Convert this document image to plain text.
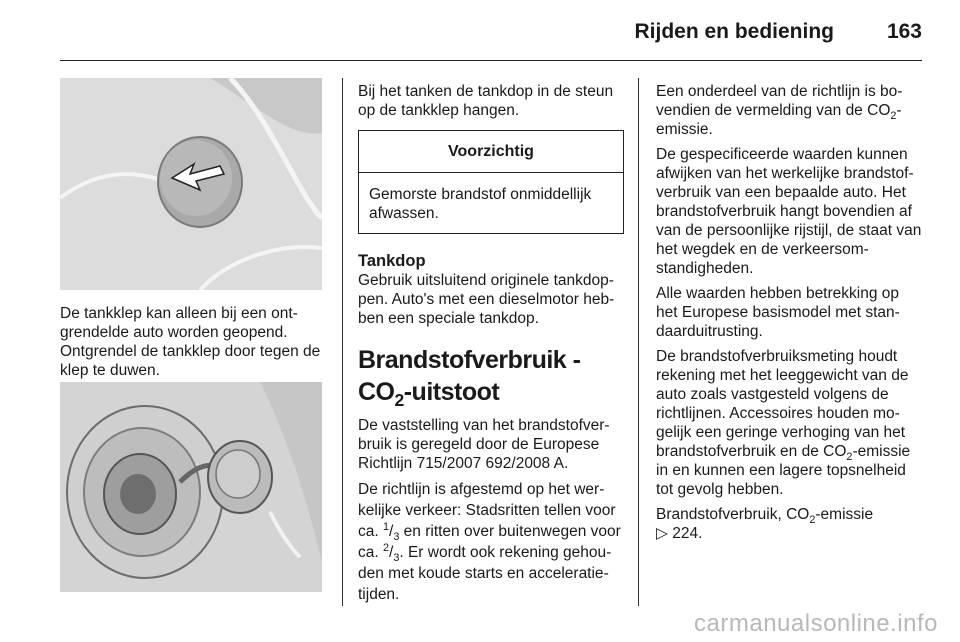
Rijden en bediening	163

De tankklep kan alleen bij een ontgrendelde auto worden geopend. Ontgrendel de tankklep door tegen de klep te duwen.

Bij het tanken de tankdop in de steun op de tankklep hangen.

Voorzichtig
Gemorste brandstof onmiddellijk afwassen.
Tankdop

Gebruik uitsluitend originele tankdoppen. Auto's met een dieselmotor hebben een speciale tankdop.

Brandstofverbruik -
$CO_2$-uitstoot

De vaststelling van het brandstofverbruik is geregeld door de Europese Richtlijn 715/2007 692/2008 A.

De richtlijn is afgestemd op het werkelijke verkeer: Stadsritten tellen voor ca. $^1/_3$ en ritten over buitenwegen voor ca. $^2/_3$. Er wordt ook rekening gehouden met koude starts en acceleratietijden.

Een onderdeel van de richtlijn is bovendien de vermelding van de $CO_2$-emissie.

De gespecificeerde waarden kunnen afwijken van het werkelijke brandstofverbruik van een bepaalde auto. Het brandstofverbruik hangt bovendien af van de persoonlijke rijstijl, de staat van het wegdek en de verkeersomstandigheden.

Alle waarden hebben betrekking op het Europese basismodel met standaarduitrusting.

De brandstofverbruiksmeting houdt rekening met het leeggewicht van de auto zoals vastgesteld volgens de richtlijnen. Accessoires houden mogelijk een geringe verhoging van het brandstofverbruik en de $CO_2$-emissie in en kunnen een lagere topsnelheid tot gevolg hebben.

Brandstofverbruik, $CO_2$-emissie
▷ 224.

carmanualsonline.info
